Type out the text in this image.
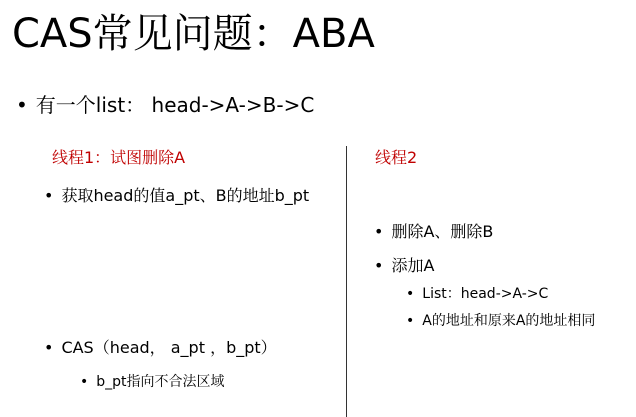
CAS常见问题：ABA
• 有一个list： head->A->B->C
线程1：试图删除A
• 获取head的值a_pt、B的地址b_pt
• CAS（head， a_pt ，b_pt）
• b_pt指向不合法区域
线程2
• 删除A、删除B
• 添加A
• List：head->A->C
• A的地址和原来A的地址相同
